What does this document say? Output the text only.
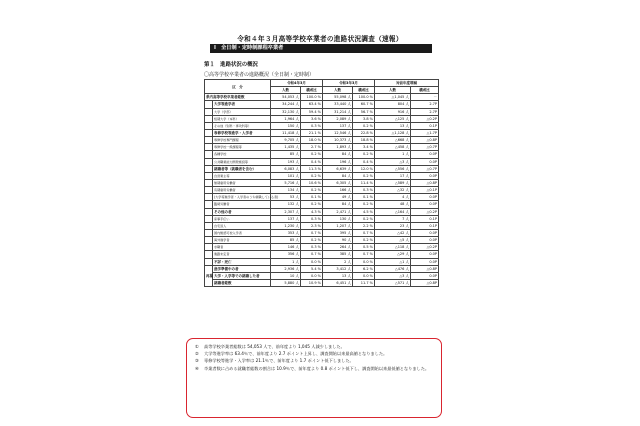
令和４年３月高等学校卒業者の進路状況調査（速報）
Ⅰ　全日制・定時制課程卒業者
第１　進路状況の概況
〇高等学校卒業者の進路概況（全日制・定時制）
区　分		令和4年3月		令和3年3月		対前年度増減	
		人数	構成比	人数	構成比	人数	構成比
県内高等学校卒業者総数		54,053 人	100.0 %	55,098 人	100.0 %	△1,045 人	－
	大学等進学者	34,244 人	63.4 %	33,440 人	60.7 %	804 人	2.7P
	大学（学部）	32,130 人	59.4 %	31,214 人	56.7 %	916 人	2.7P
	短期大学（本科）	1,964 人	3.6 %	2,089 人	3.8 %	△125 人	△0.2P
	その他（別科・専攻科等）	150 人	0.3 %	137 人	0.2 %	13 人	0.1P
	専修学校等進学・入学者	11,418 人	21.1 %	12,546 人	22.8 %	△1,128 人	△1.7P
	専修学校専門課程	9,705 人	18.0 %	10,373 人	18.8 %	△668 人	△0.8P
	専修学校一般課程等	1,435 人	2.7 %	1,893 人	3.4 %	△458 人	△0.7P
	各種学校	85 人	0.2 %	84 人	0.2 %	1 人	0.0P
	公共職業能力開発施設等	193 人	0.4 %	196 人	0.4 %	△3 人	0.0P
	就職者等（就職者を含む）	6,083 人	11.3 %	6,639 人	12.0 %	△556 人	△0.7P
	自営業主等	101 人	0.2 %	84 人	0.2 %	17 人	0.0P
	無期雇用労働者	5,716 人	10.6 %	6,305 人	11.4 %	△589 人	△0.8P
	有期雇用労働者	134 人	0.2 %	166 人	0.3 %	△32 人	△0.1P
	(大学等進学者・入学者のうち就職している者)	53 人	0.1 %	49 人	0.1 %	4 人	0.0P
	臨時労働者	132 人	0.2 %	84 人	0.2 %	48 人	0.0P
	その他の者	2,307 人	4.3 %	2,471 人	4.5 %	△164 人	△0.2P
	家事手伝い	137 人	0.3 %	130 人	0.2 %	7 人	0.1P
	自宅浪人	1,230 人	2.3 %	1,207 人	2.2 %	23 人	0.1P
	国内無認可校入学者	353 人	0.7 %	395 人	0.7 %	△42 人	0.0P
	海外進学者	85 人	0.2 %	90 人	0.2 %	△5 人	0.0P
	求職者	146 人	0.3 %	264 人	0.5 %	△118 人	△0.2P
	進路未定者	356 人	0.7 %	385 人	0.7 %	△29 人	0.0P
	不詳・死亡	1 人	0.0 %	2 人	0.0 %	△1 人	0.0P
再掲	進学準備中の者	2,936 人	5.4 %	3,412 人	6.2 %	△476 人	△0.8P
	大学・入学等での就職した者	10 人	0.0 %	13 人	0.0 %	△3 人	0.0P
	就職者総数	5,880 人	10.9 %	6,451 人	11.7 %	△571 人	△0.8P
①	高等学校卒業者総数は 54,053 人で、前年度より 1,045 人減少しました。
②	大学等進学率は 63.4％で、前年度より 2.7 ポイント上昇し、調査開始以来最高値となりました。
③	専修学校等進学・入学率は 21.1％で、前年度より 1.7 ポイント低下しました。
④	卒業者数に占める就職者総数の割合は 10.9％で、前年度より 0.8 ポイント低下し、調査開始以来最低値となりました。
